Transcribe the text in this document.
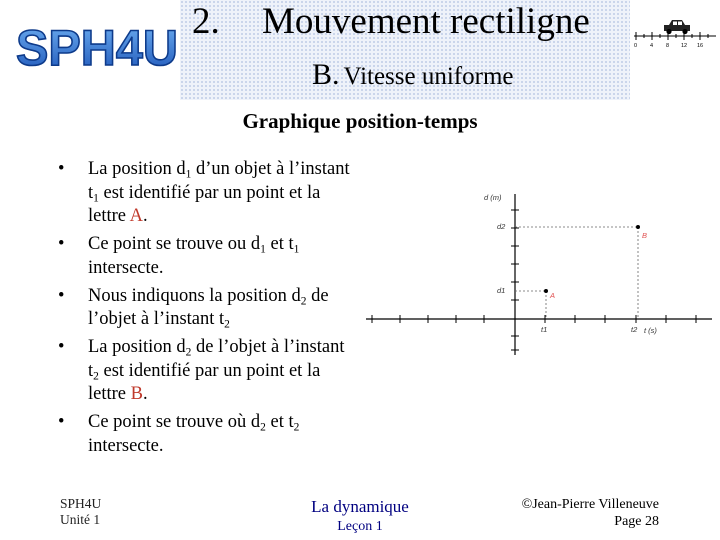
SPH4U 2. Mouvement rectiligne
B. Vitesse uniforme
0 4 8 12 16
Graphique position-temps
• La position $d_1$ d’un objet à l’instant $t_1$ est identifié par un point et la lettre A.
• Ce point se trouve ou $d_1$ et $t_1$ intersecte.
• Nous indiquons la position $d_2$ de l’objet à l’instant $t_2$
• La position $d_2$ de l’objet à l’instant $t_2$ est identifié par un point et la lettre B.
• Ce point se trouve où $d_2$ et $t_2$ intersecte.
d (m)
t (s)
d1
d2
t1	t2
A
B
SPH4U
Unité 1
La dynamique
Leçon 1
©Jean-Pierre Villeneuve
Page 28
